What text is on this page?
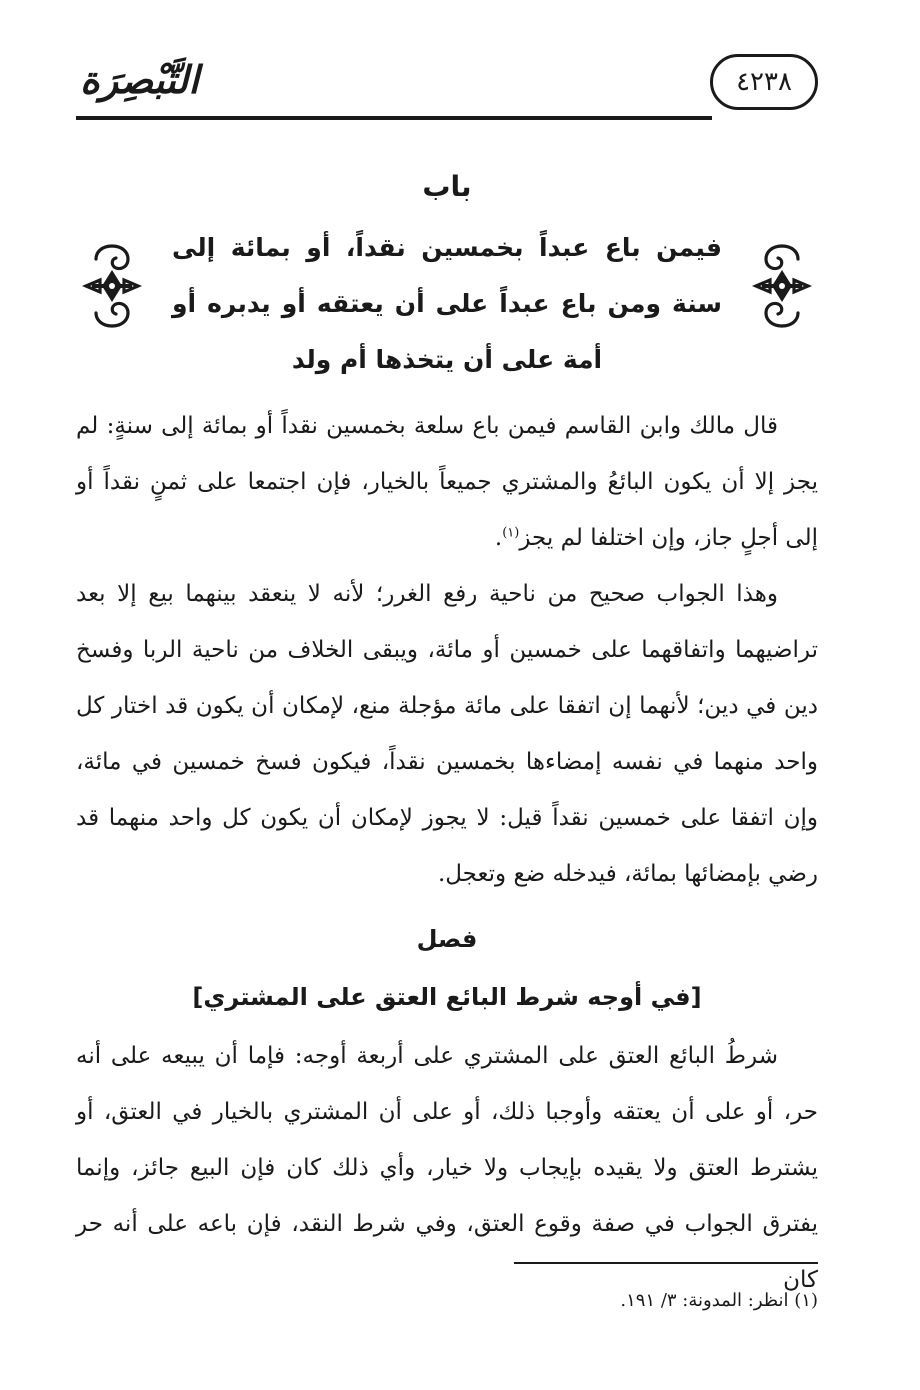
التَّبْصِرَة	٤٢٣٨
باب
فيمن باع عبداً بخمسين نقداً، أو بمائة إلى سنة ومن باع عبداً على أن يعتقه أو يدبره أو أمة على أن يتخذها أم ولد

قال مالك وابن القاسم فيمن باع سلعة بخمسين نقداً أو بمائة إلى سنةٍ: لم يجز إلا أن يكون البائعُ والمشتري جميعاً بالخيار، فإن اجتمعا على ثمنٍ نقداً أو إلى أجلٍ جاز، وإن اختلفا لم يجز$^{(١)}$.

وهذا الجواب صحيح من ناحية رفع الغرر؛ لأنه لا ينعقد بينهما بيع إلا بعد تراضيهما واتفاقهما على خمسين أو مائة، ويبقى الخلاف من ناحية الربا وفسخ دين في دين؛ لأنهما إن اتفقا على مائة مؤجلة منع، لإمكان أن يكون قد اختار كل واحد منهما في نفسه إمضاءها بخمسين نقداً، فيكون فسخ خمسين في مائة، وإن اتفقا على خمسين نقداً قيل: لا يجوز لإمكان أن يكون كل واحد منهما قد رضي بإمضائها بمائة، فيدخله ضع وتعجل.

فصل
[في أوجه شرط البائع العتق على المشتري]

شرطُ البائع العتق على المشتري على أربعة أوجه: فإما أن يبيعه على أنه حر، أو على أن يعتقه وأوجبا ذلك، أو على أن المشتري بالخيار في العتق، أو يشترط العتق ولا يقيده بإيجاب ولا خيار، وأي ذلك كان فإن البيع جائز، وإنما يفترق الجواب في صفة وقوع العتق، وفي شرط النقد، فإن باعه على أنه حر كان

(١) انظر: المدونة: ٣/ ١٩١.
